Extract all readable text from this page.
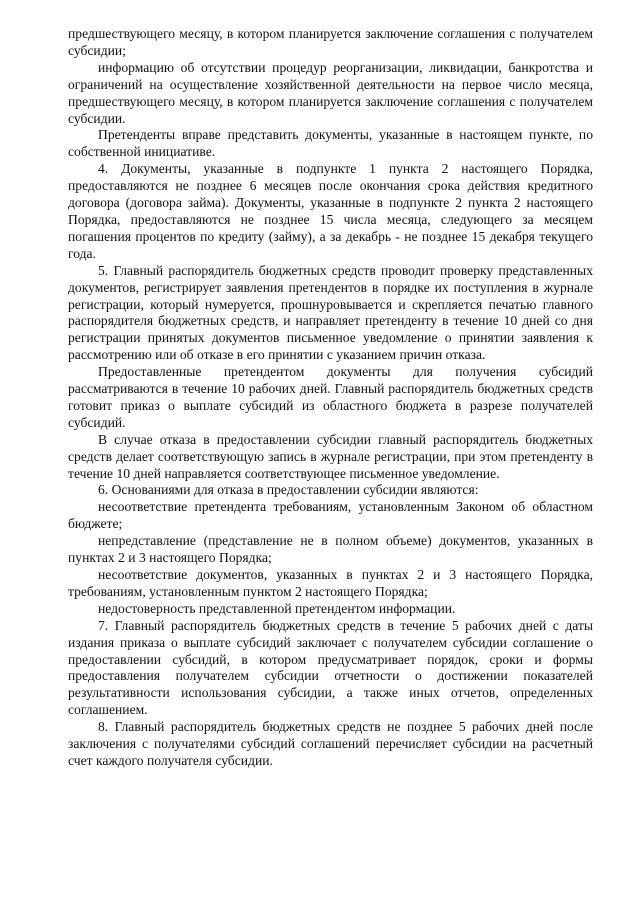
предшествующего месяцу, в котором планируется заключение соглашения с получателем субсидии;

информацию об отсутствии процедур реорганизации, ликвидации, банкротства и ограничений на осуществление хозяйственной деятельности на первое число месяца, предшествующего месяцу, в котором планируется заключение соглашения с получателем субсидии.

Претенденты вправе представить документы, указанные в настоящем пункте, по собственной инициативе.

4. Документы, указанные в подпункте 1 пункта 2 настоящего Порядка, предоставляются не позднее 6 месяцев после окончания срока действия кредитного договора (договора займа). Документы, указанные в подпункте 2 пункта 2 настоящего Порядка, предоставляются не позднее 15 числа месяца, следующего за месяцем погашения процентов по кредиту (займу), а за декабрь - не позднее 15 декабря текущего года.

5. Главный распорядитель бюджетных средств проводит проверку представленных документов, регистрирует заявления претендентов в порядке их поступления в журнале регистрации, который нумеруется, прошнуровывается и скрепляется печатью главного распорядителя бюджетных средств, и направляет претенденту в течение 10 дней со дня регистрации принятых документов письменное уведомление о принятии заявления к рассмотрению или об отказе в его принятии с указанием причин отказа.

Предоставленные претендентом документы для получения субсидий рассматриваются в течение 10 рабочих дней. Главный распорядитель бюджетных средств готовит приказ о выплате субсидий из областного бюджета в разрезе получателей субсидий.

В случае отказа в предоставлении субсидии главный распорядитель бюджетных средств делает соответствующую запись в журнале регистрации, при этом претенденту в течение 10 дней направляется соответствующее письменное уведомление.

6. Основаниями для отказа в предоставлении субсидии являются:

несоответствие претендента требованиям, установленным Законом об областном бюджете;

непредставление (представление не в полном объеме) документов, указанных в пунктах 2 и 3 настоящего Порядка;

несоответствие документов, указанных в пунктах 2 и 3 настоящего Порядка, требованиям, установленным пунктом 2 настоящего Порядка;

недостоверность представленной претендентом информации.

7. Главный распорядитель бюджетных средств в течение 5 рабочих дней с даты издания приказа о выплате субсидий заключает с получателем субсидии соглашение о предоставлении субсидий, в котором предусматривает порядок, сроки и формы предоставления получателем субсидии отчетности о достижении показателей результативности использования субсидии, а также иных отчетов, определенных соглашением.

8. Главный распорядитель бюджетных средств не позднее 5 рабочих дней после заключения с получателями субсидий соглашений перечисляет субсидии на расчетный счет каждого получателя субсидии.
